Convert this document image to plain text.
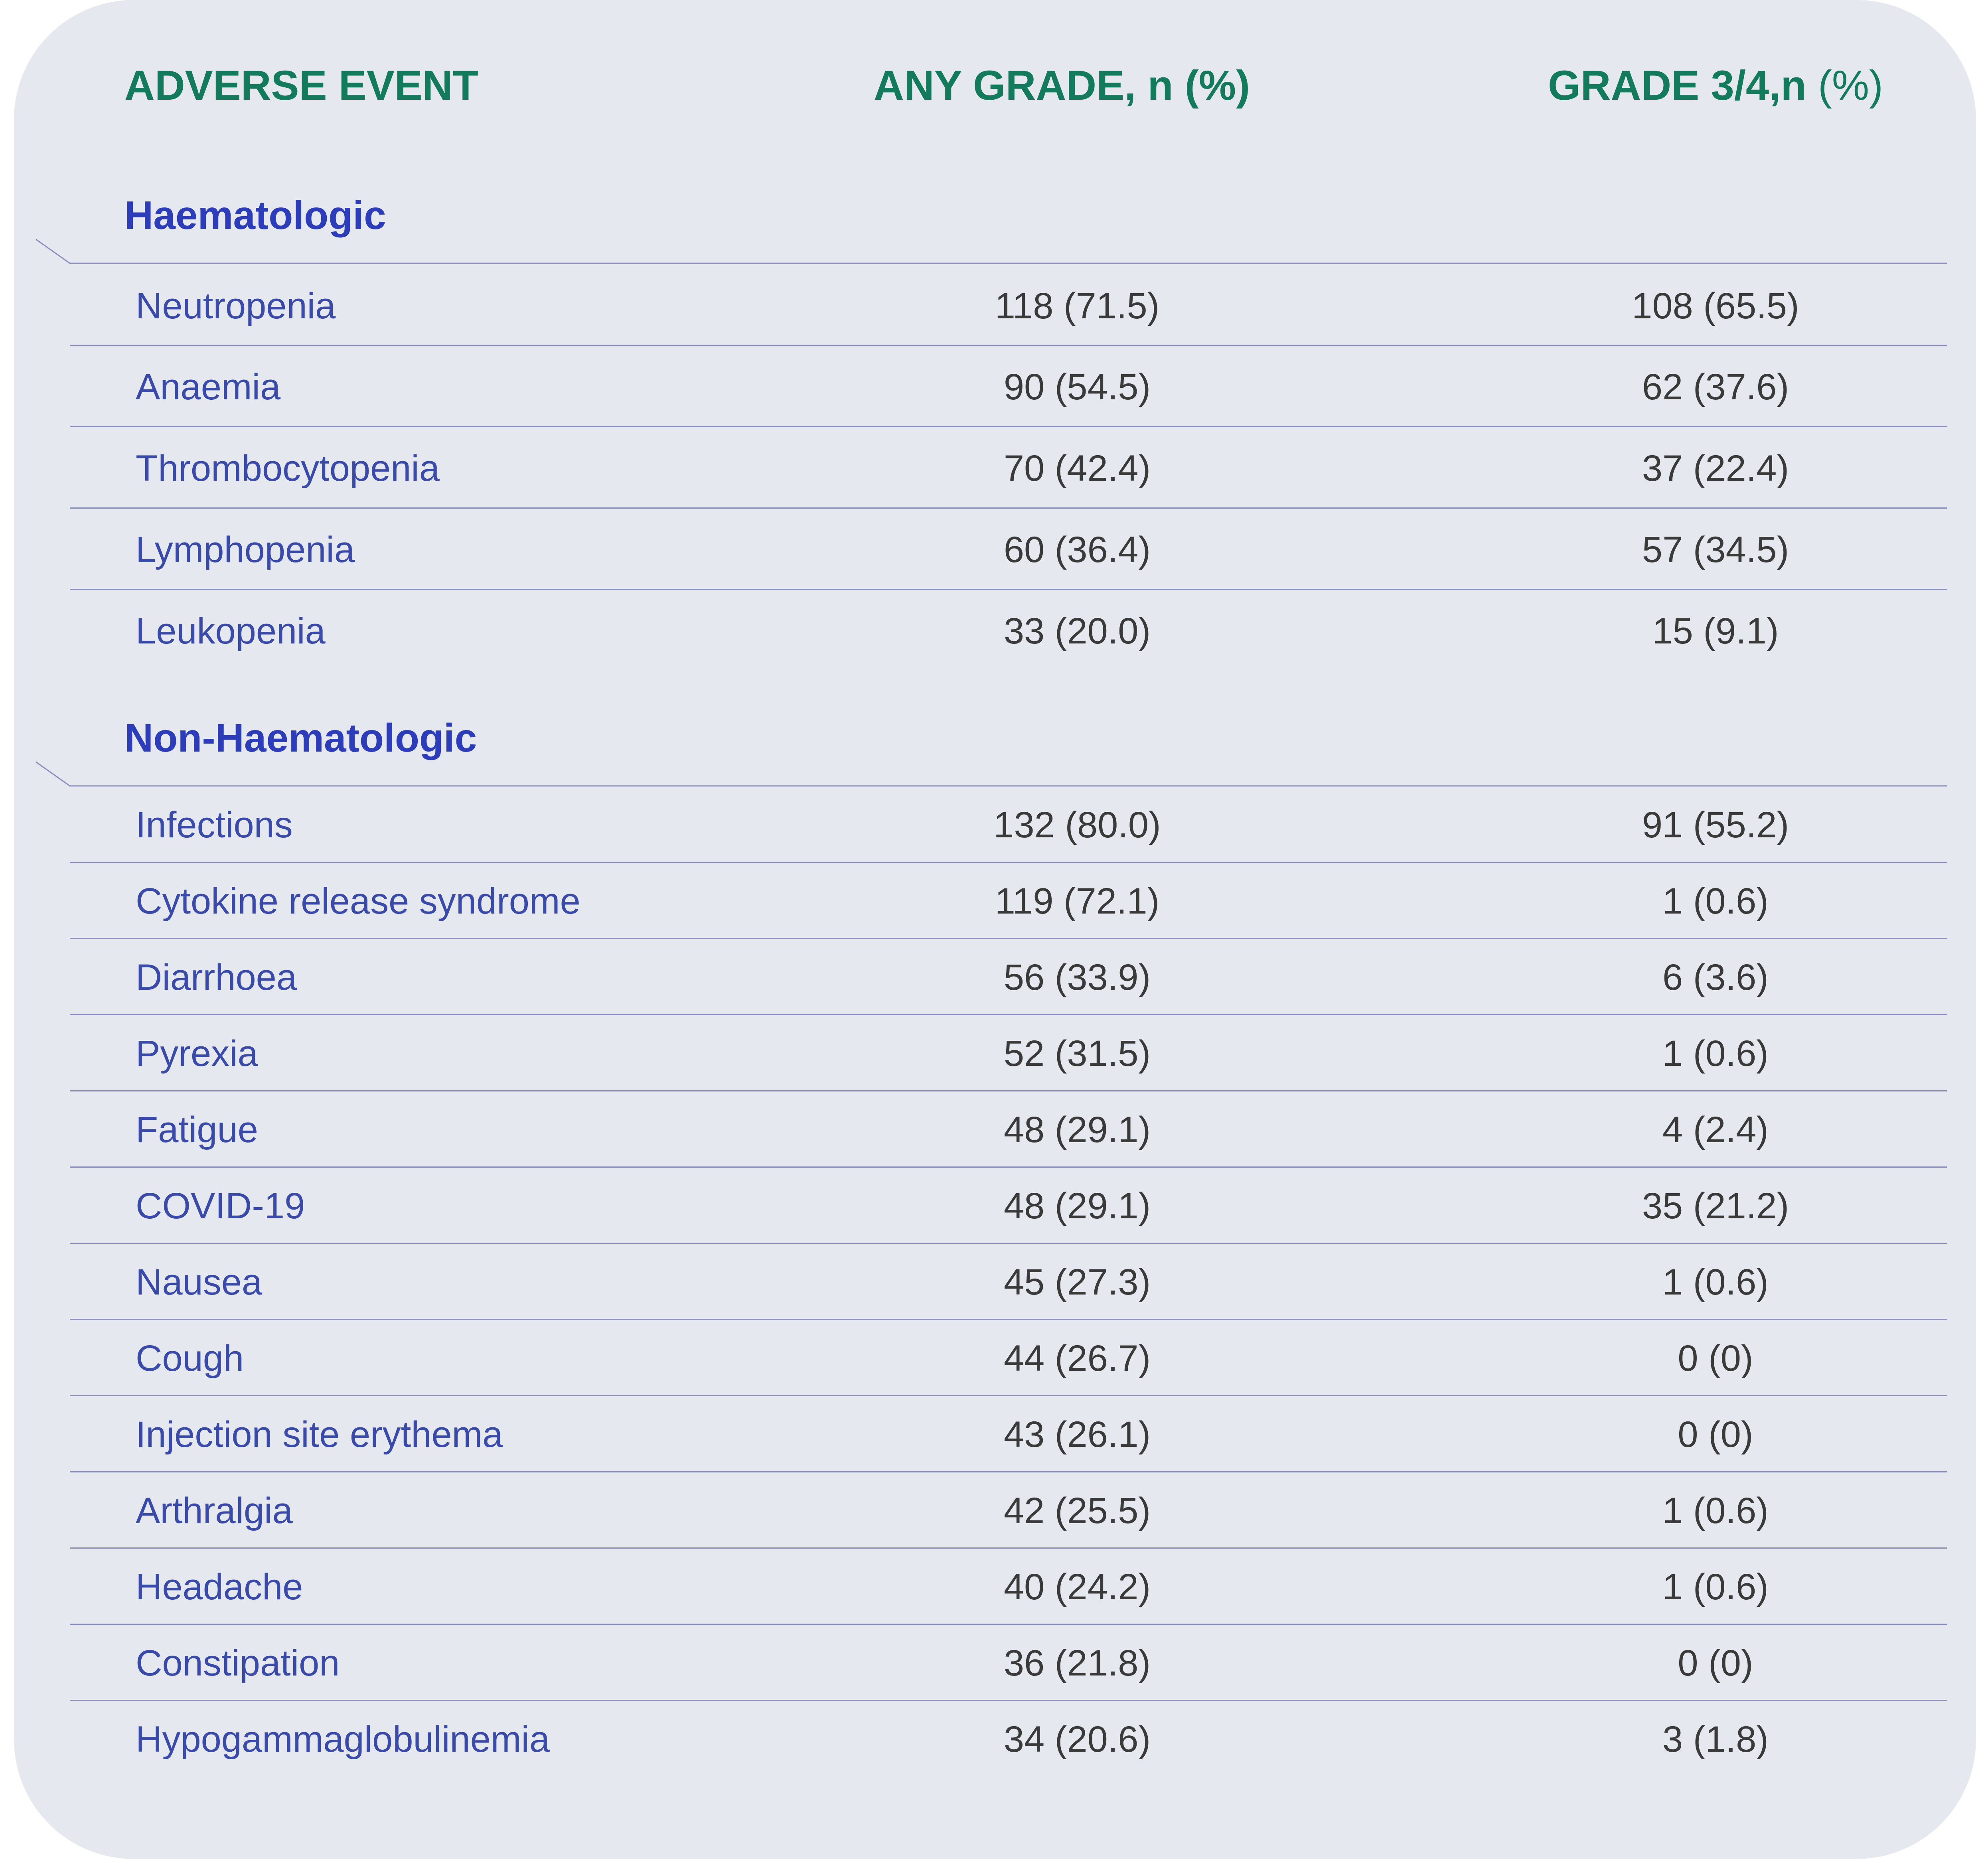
ADVERSE EVENT	ANY GRADE, n (%)	GRADE 3/4,n (%)
Haematologic
Neutropenia	118 (71.5)	108 (65.5)
Anaemia	90 (54.5)	62 (37.6)
Thrombocytopenia	70 (42.4)	37 (22.4)
Lymphopenia	60 (36.4)	57 (34.5)
Leukopenia	33 (20.0)	15 (9.1)
Non-Haematologic
Infections	132 (80.0)	91 (55.2)
Cytokine release syndrome	119 (72.1)	1 (0.6)
Diarrhoea	56 (33.9)	6 (3.6)
Pyrexia	52 (31.5)	1 (0.6)
Fatigue	48 (29.1)	4 (2.4)
COVID-19	48 (29.1)	35 (21.2)
Nausea	45 (27.3)	1 (0.6)
Cough	44 (26.7)	0 (0)
Injection site erythema	43 (26.1)	0 (0)
Arthralgia	42 (25.5)	1 (0.6)
Headache	40 (24.2)	1 (0.6)
Constipation	36 (21.8)	0 (0)
Hypogammaglobulinemia	34 (20.6)	3 (1.8)
